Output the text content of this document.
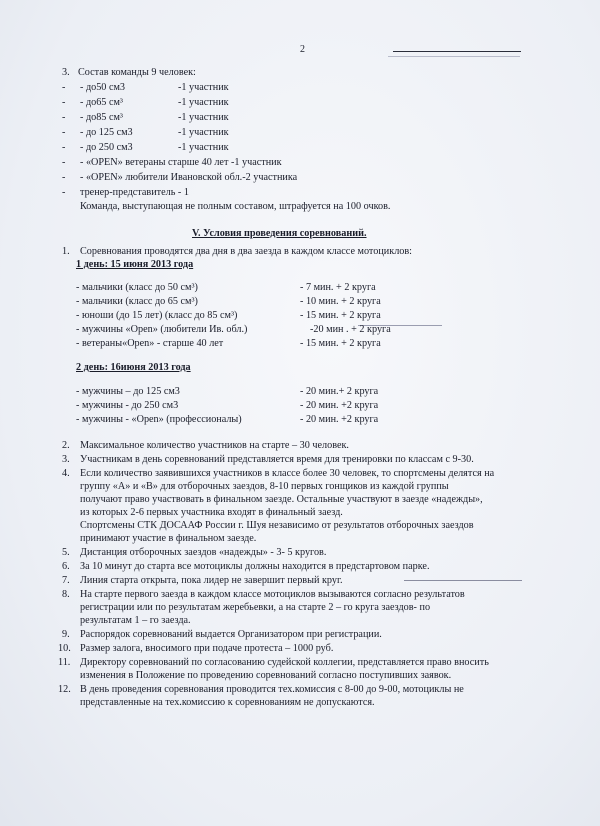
2
3. Состав команды 9 человек:
- - до50 см3	-1 участник
- - до65 см³	-1 участник
- - до85 см³	-1 участник
- - до 125 см3	-1 участник
- - до 250 см3	-1 участник
- - «OPEN» ветераны старше 40 лет -1 участник
- - «OPEN» любители Ивановской обл.-2 участника
- тренер-представитель - 1
Команда, выступающая не полным составом, штрафуется на 100 очков.
V. Условия проведения соревнований.
1. Соревнования проводятся два дня в два заезда в каждом классе мотоциклов:
1 день: 15 июня 2013 года
- мальчики (класс до 50 см³)	- 7 мин. + 2 круга
- мальчики (класс до 65 см³)	- 10 мин. + 2 круга
- юноши (до 15 лет) (класс до 85 см³)	- 15 мин. + 2 круга
- мужчины «Open» (любители Ив. обл.)	-20 мин . + 2 круга
- ветераны«Open» - старше 40 лет	- 15 мин. + 2 круга
2 день: 16июня 2013 года
- мужчины – до 125 см3	- 20 мин.+ 2 круга
- мужчины - до 250 см3	- 20 мин. +2 круга
- мужчины - «Open» (профессионалы)	- 20 мин. +2 круга
2. Максимальное количество участников на старте – 30 человек.
3. Участникам в день соревнований представляется время для тренировки по классам с 9-30.
4. Если количество заявившихся участников в классе более 30 человек, то спортсмены делятся на
группу «А» и «В» для отборочных заездов, 8-10 первых гонщиков из каждой группы
получают право участвовать в финальном заезде. Остальные участвуют в заезде «надежды»,
из которых 2-6 первых участника входят в финальный заезд.
Спортсмены СТК ДОСААФ России г. Шуя независимо от результатов отборочных заездов
принимают участие в финальном заезде.
5. Дистанция отборочных заездов «надежды» - 3- 5 кругов.
6. За 10 минут до старта все мотоциклы должны находится в предстартовом парке.
7. Линия старта открыта, пока лидер не завершит первый круг.
8. На старте первого заезда в каждом классе мотоциклов вызываются согласно результатов
регистрации или по результатам жеребьевки, а на старте 2 – го круга заездов- по
результатам 1 – го заезда.
9. Распорядок соревнований выдается Организатором при регистрации.
10. Размер залога, вносимого при подаче протеста – 1000 руб.
11. Директору соревнований по согласованию судейской коллегии, представляется право вносить
изменения в Положение по проведению соревнований согласно поступивших заявок.
12. В день проведения соревнования проводится тех.комиссия с 8-00 до 9-00, мотоциклы не
представленные на тех.комиссию к соревнованиям не допускаются.
